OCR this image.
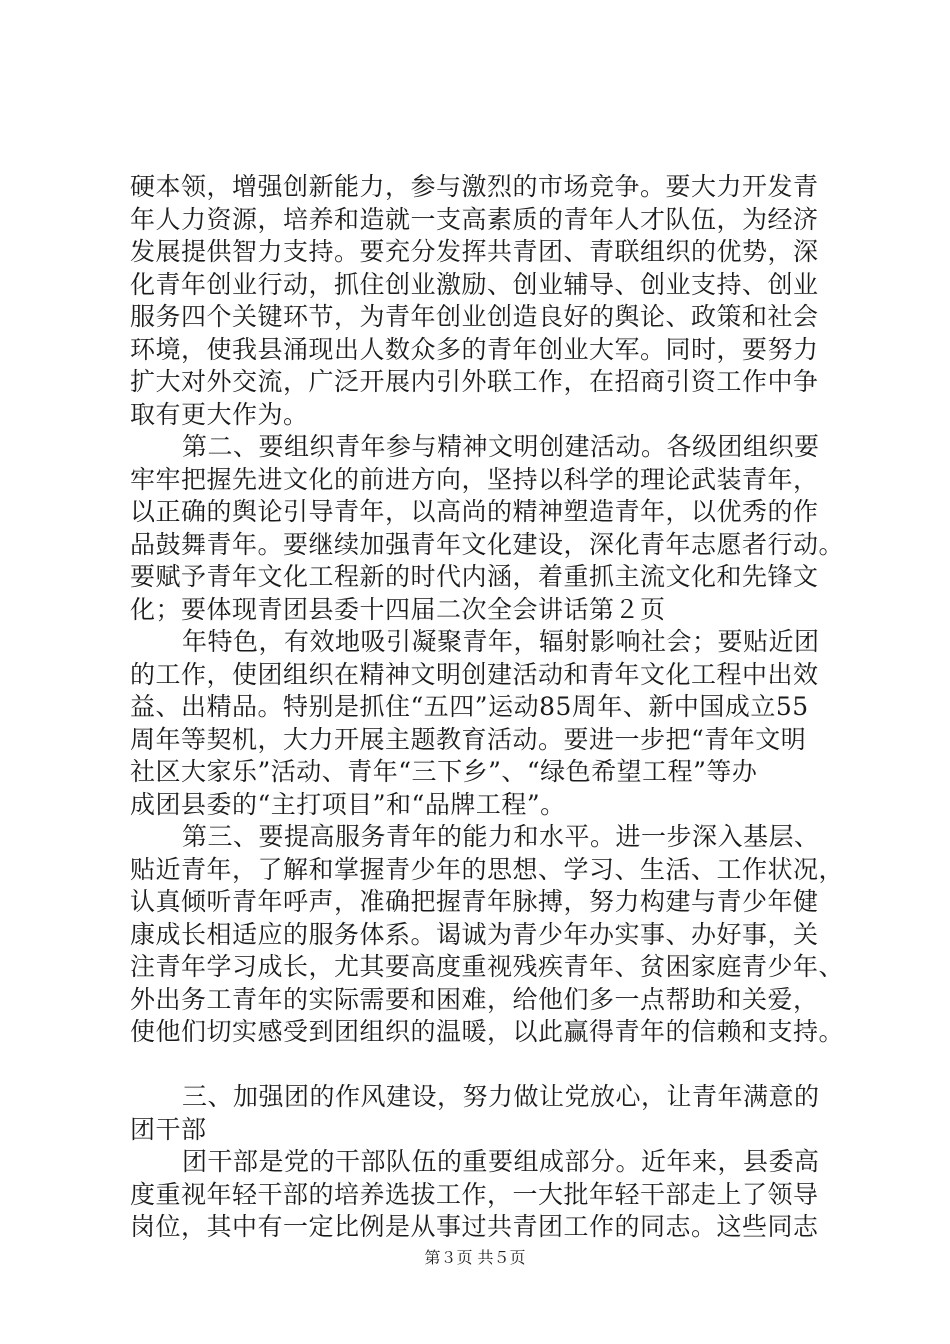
硬本领，增强创新能力，参与激烈的市场竞争。要大力开发青
年人力资源，培养和造就一支高素质的青年人才队伍，为经济
发展提供智力支持。要充分发挥共青团、青联组织的优势，深
化青年创业行动，抓住创业激励、创业辅导、创业支持、创业
服务四个关键环节，为青年创业创造良好的舆论、政策和社会
环境，使我县涌现出人数众多的青年创业大军。同时，要努力
扩大对外交流，广泛开展内引外联工作，在招商引资工作中争
取有更大作为。
第二、要组织青年参与精神文明创建活动。各级团组织要
牢牢把握先进文化的前进方向，坚持以科学的理论武装青年，
以正确的舆论引导青年，以高尚的精神塑造青年，以优秀的作
品鼓舞青年。要继续加强青年文化建设，深化青年志愿者行动。
要赋予青年文化工程新的时代内涵，着重抓主流文化和先锋文
化；要体现青团县委十四届二次全会讲话第２页
年特色，有效地吸引凝聚青年，辐射影响社会；要贴近团
的工作，使团组织在精神文明创建活动和青年文化工程中出效
益、出精品。特别是抓住“五四”运动85周年、新中国成立55
周年等契机，大力开展主题教育活动。要进一步把“青年文明
社区大家乐”活动、青年“三下乡”、“绿色希望工程”等办
成团县委的“主打项目”和“品牌工程”。
第三、要提高服务青年的能力和水平。进一步深入基层、
贴近青年，了解和掌握青少年的思想、学习、生活、工作状况，
认真倾听青年呼声，准确把握青年脉搏，努力构建与青少年健
康成长相适应的服务体系。谒诚为青少年办实事、办好事，关
注青年学习成长，尤其要高度重视残疾青年、贫困家庭青少年、
外出务工青年的实际需要和困难，给他们多一点帮助和关爱，
使他们切实感受到团组织的温暖，以此赢得青年的信赖和支持。
三、加强团的作风建设，努力做让党放心，让青年满意的
团干部
团干部是党的干部队伍的重要组成部分。近年来，县委高
度重视年轻干部的培养选拔工作，一大批年轻干部走上了领导
岗位，其中有一定比例是从事过共青团工作的同志。这些同志
第３页 共５页
